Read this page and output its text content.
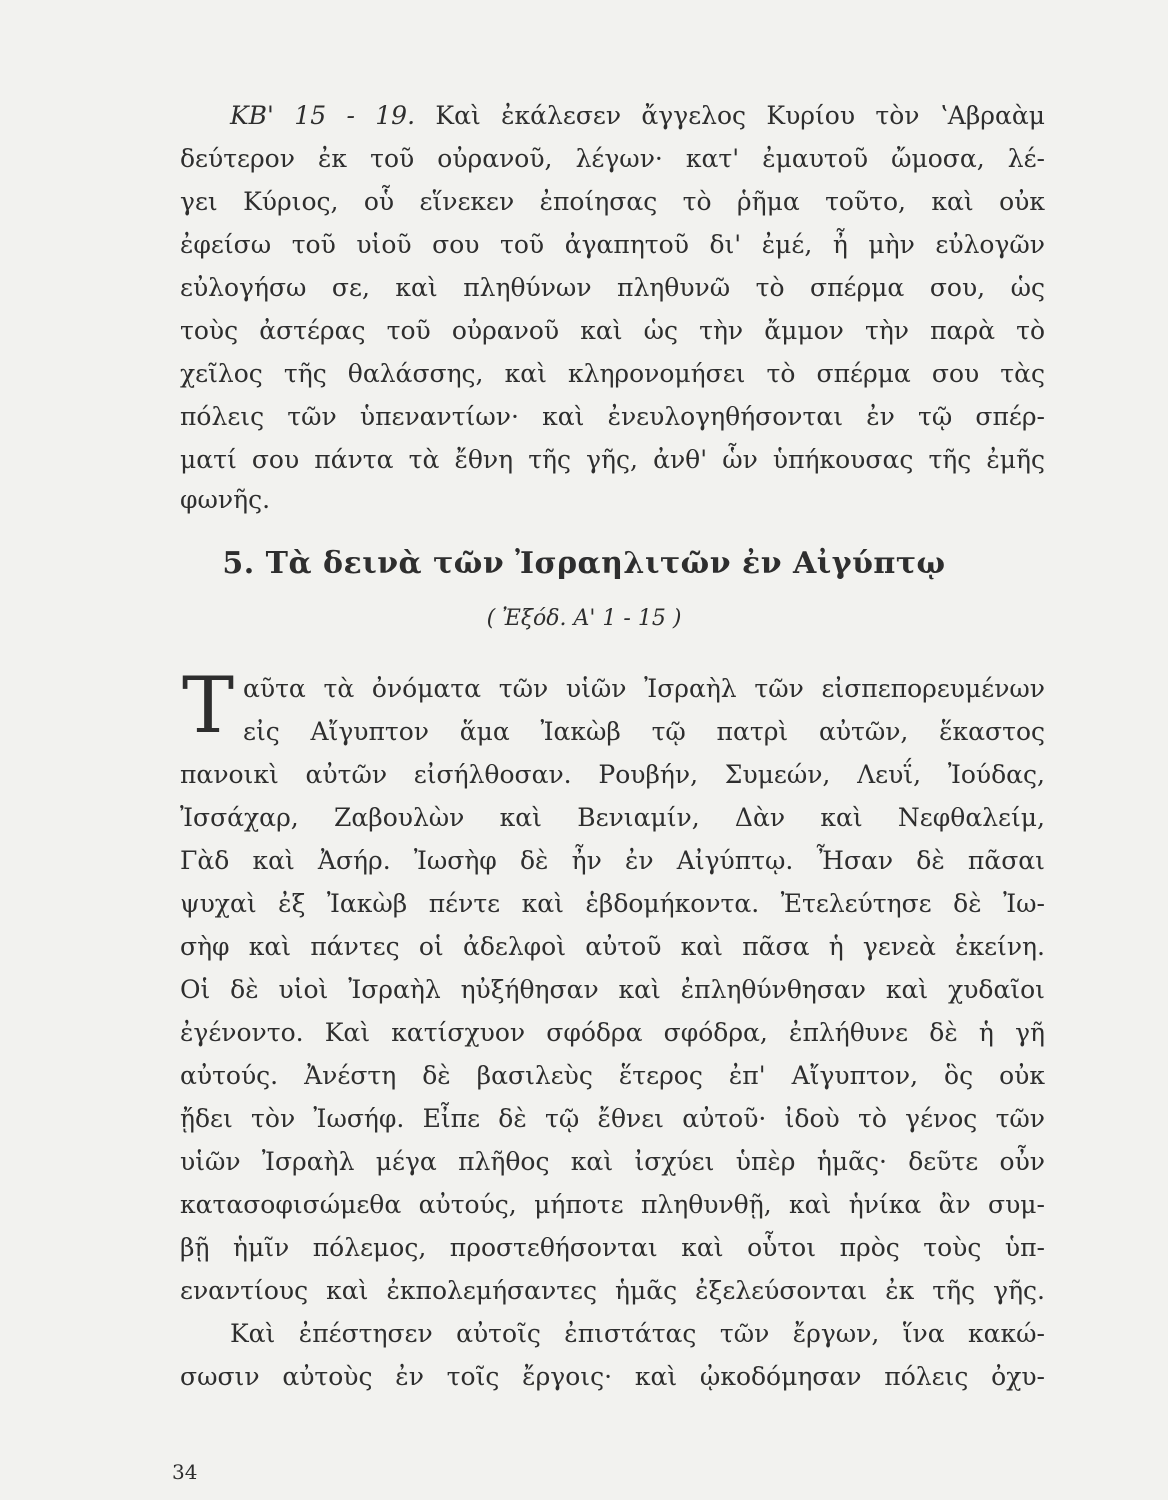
ΚΒ' 15 - 19. Καὶ ἐκάλεσεν ἄγγελος Κυρίου τὸν ʽΑβραὰμ
δεύτερον ἐκ τοῦ οὐρανοῦ, λέγων· κατ' ἐμαυτοῦ ὤμοσα, λέ-
γει Κύριος, οὗ εἵνεκεν ἐποίησας τὸ ῥῆμα τοῦτο, καὶ οὐκ
ἐφείσω τοῦ υἱοῦ σου τοῦ ἀγαπητοῦ δι' ἐμέ, ἦ μὴν εὐλογῶν
εὐλογήσω σε, καὶ πληθύνων πληθυνῶ τὸ σπέρμα σου, ὡς
τοὺς ἀστέρας τοῦ οὐρανοῦ καὶ ὡς τὴν ἄμμον τὴν παρὰ τὸ
χεῖλος τῆς θαλάσσης, καὶ κληρονομήσει τὸ σπέρμα σου τὰς
πόλεις τῶν ὑπεναντίων· καὶ ἐνευλογηθήσονται ἐν τῷ σπέρ-
ματί σου πάντα τὰ ἔθνη τῆς γῆς, ἀνθ' ὧν ὑπήκουσας τῆς ἐμῆς
φωνῆς.
5. Τὰ δεινὰ τῶν Ἰσραηλιτῶν ἐν Αἰγύπτῳ
( Ἐξόδ. Α' 1 - 15 )
T αῦτα τὰ ὀνόματα τῶν υἱῶν Ἰσραὴλ τῶν εἰσπεπορευμένων
εἰς Αἴγυπτον ἅμα Ἰακὼβ τῷ πατρὶ αὐτῶν, ἕκαστος
πανοικὶ αὐτῶν εἰσήλθοσαν. Ρουβήν, Συμεών, Λευΐ, Ἰούδας,
Ἰσσάχαρ, Ζαβουλὼν καὶ Βενιαμίν, Δὰν καὶ Νεφθαλείμ,
Γὰδ καὶ Ἀσήρ. Ἰωσὴφ δὲ ἦν ἐν Αἰγύπτῳ. Ἦσαν δὲ πᾶσαι
ψυχαὶ ἐξ Ἰακὼβ πέντε καὶ ἑβδομήκοντα. Ἐτελεύτησε δὲ Ἰω-
σὴφ καὶ πάντες οἱ ἀδελφοὶ αὐτοῦ καὶ πᾶσα ἡ γενεὰ ἐκείνη.
Οἱ δὲ υἱοὶ Ἰσραὴλ ηὐξήθησαν καὶ ἐπληθύνθησαν καὶ χυδαῖοι
ἐγένοντο. Καὶ κατίσχυον σφόδρα σφόδρα, ἐπλήθυνε δὲ ἡ γῆ
αὐτούς. Ἀνέστη δὲ βασιλεὺς ἕτερος ἐπ' Αἴγυπτον, ὃς οὐκ
ᾔδει τὸν Ἰωσήφ. Εἶπε δὲ τῷ ἔθνει αὐτοῦ· ἰδοὺ τὸ γένος τῶν
υἱῶν Ἰσραὴλ μέγα πλῆθος καὶ ἰσχύει ὑπὲρ ἡμᾶς· δεῦτε οὖν
κατασοφισώμεθα αὐτούς, μήποτε πληθυνθῇ, καὶ ἡνίκα ἂν συμ-
βῇ ἡμῖν πόλεμος, προστεθήσονται καὶ οὗτοι πρὸς τοὺς ὑπ-
εναντίους καὶ ἐκπολεμήσαντες ἡμᾶς ἐξελεύσονται ἐκ τῆς γῆς.
Καὶ ἐπέστησεν αὐτοῖς ἐπιστάτας τῶν ἔργων, ἵνα κακώ-
σωσιν αὐτοὺς ἐν τοῖς ἔργοις· καὶ ᾠκοδόμησαν πόλεις ὀχυ-
34
